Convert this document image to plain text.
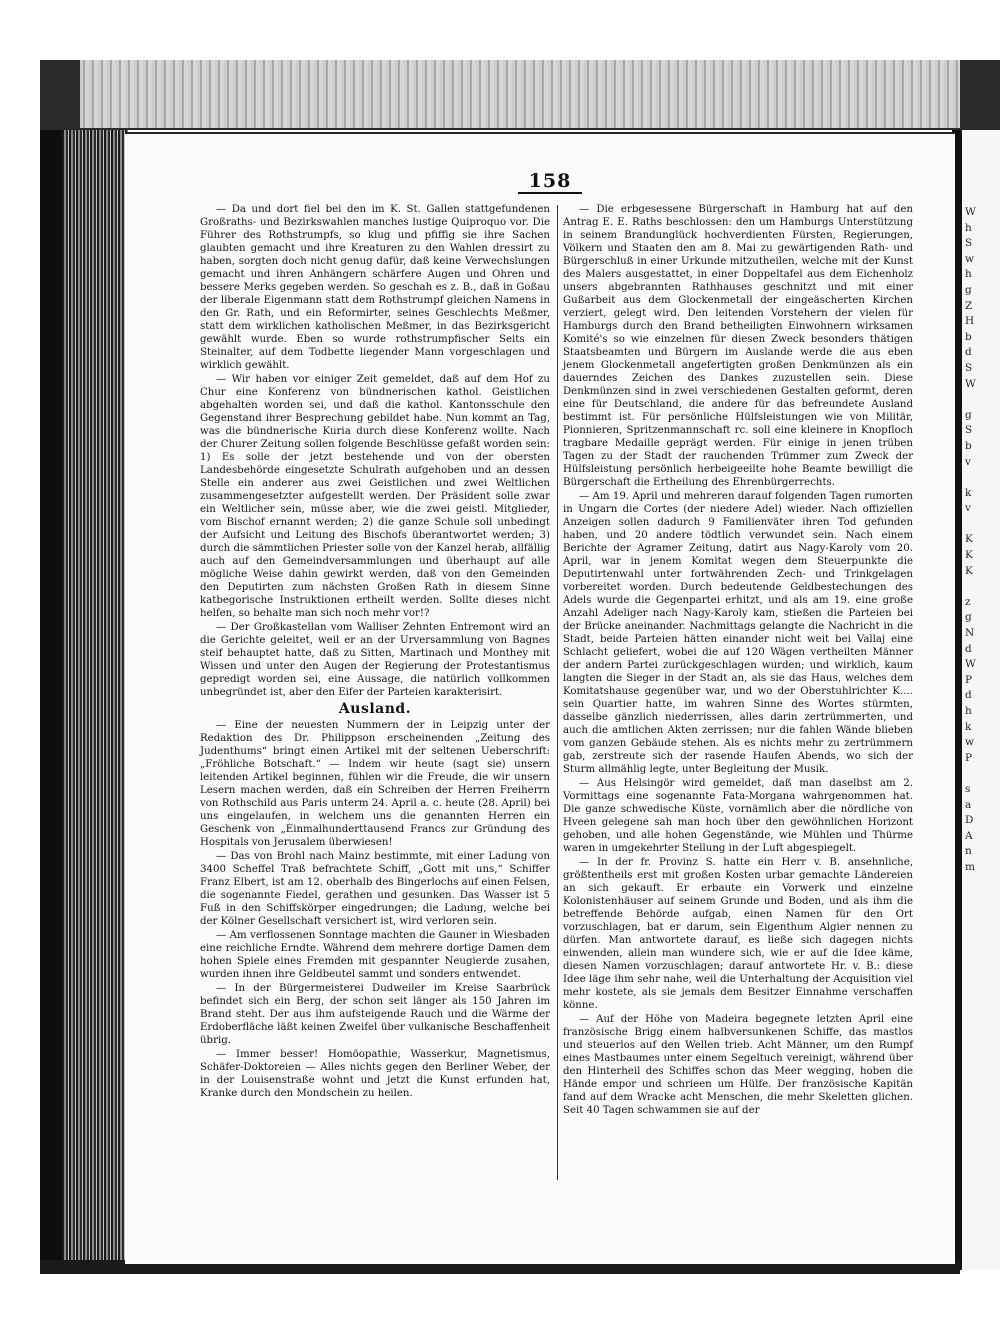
158

— Da und dort fiel bei den im K. St. Gallen stattgefundenen Großraths- und Bezirkswahlen manches lustige Quiproquo vor. Die Führer des Rothstrumpfs, so klug und pfiffig sie ihre Sachen glaubten gemacht und ihre Kreaturen zu den Wahlen dressirt zu haben, sorgten doch nicht genug dafür, daß keine Verwechslungen gemacht und ihren Anhängern schärfere Augen und Ohren und bessere Merks gegeben werden. So geschah es z. B., daß in Goßau der liberale Eigenmann statt dem Rothstrumpf gleichen Namens in den Gr. Rath, und ein Reformirter, seines Geschlechts Meßmer, statt dem wirklichen katholischen Meßmer, in das Bezirksgericht gewählt wurde. Eben so wurde rothstrumpfischer Seits ein Steinalter, auf dem Todbette liegender Mann vorgeschlagen und wirklich gewählt.

— Wir haben vor einiger Zeit gemeldet, daß auf dem Hof zu Chur eine Konferenz von bündnerischen kathol. Geistlichen abgehalten worden sei, und daß die kathol. Kantonsschule den Gegenstand ihrer Besprechung gebildet habe. Nun kommt an Tag, was die bündnerische Kuria durch diese Konferenz wollte. Nach der Churer Zeitung sollen folgende Beschlüsse gefaßt worden sein: 1) Es solle der jetzt bestehende und von der obersten Landesbehörde eingesetzte Schulrath aufgehoben und an dessen Stelle ein anderer aus zwei Geistlichen und zwei Weltlichen zusammengesetzter aufgestellt werden. Der Präsident solle zwar ein Weltlicher sein, müsse aber, wie die zwei geistl. Mitglieder, vom Bischof ernannt werden; 2) die ganze Schule soll unbedingt der Aufsicht und Leitung des Bischofs überantwortet werden; 3) durch die sämmtlichen Priester solle von der Kanzel herab, allfällig auch auf den Gemeindversammlungen und überhaupt auf alle mögliche Weise dahin gewirkt werden, daß von den Gemeinden den Deputirten zum nächsten Großen Rath in diesem Sinne katbegorische Instruktionen ertheilt werden. Sollte dieses nicht helfen, so behalte man sich noch mehr vor!?

— Der Großkastellan vom Walliser Zehnten Entremont wird an die Gerichte geleitet, weil er an der Urversammlung von Bagnes steif behauptet hatte, daß zu Sitten, Martinach und Monthey mit Wissen und unter den Augen der Regierung der Protestantismus gepredigt worden sei, eine Aussage, die natürlich vollkommen unbegründet ist, aber den Eifer der Parteien karakterisirt.

Ausland.

— Eine der neuesten Nummern der in Leipzig unter der Redaktion des Dr. Philippson erscheinenden „Zeitung des Judenthums“ bringt einen Artikel mit der seltenen Ueberschrift: „Fröhliche Botschaft.“ — Indem wir heute (sagt sie) unsern leitenden Artikel beginnen, fühlen wir die Freude, die wir unsern Lesern machen werden, daß ein Schreiben der Herren Freiherrn von Rothschild aus Paris unterm 24. April a. c. heute (28. April) bei uns eingelaufen, in welchem uns die genannten Herren ein Geschenk von „Einmalhunderttausend Francs zur Gründung des Hospitals von Jerusalem überwiesen!

— Das von Brohl nach Mainz bestimmte, mit einer Ladung von 3400 Scheffel Traß befrachtete Schiff, „Gott mit uns,“ Schiffer Franz Elbert, ist am 12. oberhalb des Bingerlochs auf einen Felsen, die sogenannte Fiedel, gerathen und gesunken. Das Wasser ist 5 Fuß in den Schiffskörper eingedrungen; die Ladung, welche bei der Kölner Gesellschaft versichert ist, wird verloren sein.

— Am verflossenen Sonntage machten die Gauner in Wiesbaden eine reichliche Erndte. Während dem mehrere dortige Damen dem hohen Spiele eines Fremden mit gespannter Neugierde zusahen, wurden ihnen ihre Geldbeutel sammt und sonders entwendet.

— In der Bürgermeisterei Dudweiler im Kreise Saarbrück befindet sich ein Berg, der schon seit länger als 150 Jahren im Brand steht. Der aus ihm aufsteigende Rauch und die Wärme der Erdoberfläche läßt keinen Zweifel über vulkanische Beschaffenheit übrig.

— Immer besser! Homöopathie, Wasserkur, Magnetismus, Schäfer-Doktoreien — Alles nichts gegen den Berliner Weber, der in der Louisenstraße wohnt und jetzt die Kunst erfunden hat, Kranke durch den Mondschein zu heilen.

— Die erbgesessene Bürgerschaft in Hamburg hat auf den Antrag E. E. Raths beschlossen: den um Hamburgs Unterstützung in seinem Brandunglück hochverdienten Fürsten, Regierungen, Völkern und Staaten den am 8. Mai zu gewärtigenden Rath- und Bürgerschluß in einer Urkunde mitzutheilen, welche mit der Kunst des Malers ausgestattet, in einer Doppeltafel aus dem Eichenholz unsers abgebrannten Rathhauses geschnitzt und mit einer Gußarbeit aus dem Glockenmetall der eingeäscherten Kirchen verziert, gelegt wird. Den leitenden Vorstehern der vielen für Hamburgs durch den Brand betheiligten Einwohnern wirksamen Komité's so wie einzelnen für diesen Zweck besonders thätigen Staatsbeamten und Bürgern im Auslande werde die aus eben jenem Glockenmetall angefertigten großen Denkmünzen als ein dauerndes Zeichen des Dankes zuzustellen sein. Diese Denkmünzen sind in zwei verschiedenen Gestalten geformt, deren eine für Deutschland, die andere für das befreundete Ausland bestimmt ist. Für persönliche Hülfsleistungen wie von Militär, Pionnieren, Spritzenmannschaft rc. soll eine kleinere in Knopfloch tragbare Medaille geprägt werden. Für einige in jenen trüben Tagen zu der Stadt der rauchenden Trümmer zum Zweck der Hülfsleistung persönlich herbeigeeilte hohe Beamte bewilligt die Bürgerschaft die Ertheilung des Ehrenbürgerrechts.

— Am 19. April und mehreren darauf folgenden Tagen rumorten in Ungarn die Cortes (der niedere Adel) wieder. Nach offiziellen Anzeigen sollen dadurch 9 Familienväter ihren Tod gefunden haben, und 20 andere tödtlich verwundet sein. Nach einem Berichte der Agramer Zeitung, datirt aus Nagy-Karoly vom 20. April, war in jenem Komitat wegen dem Steuerpunkte die Deputirtenwahl unter fortwährenden Zech- und Trinkgelagen vorbereitet worden. Durch bedeutende Geldbestechungen des Adels wurde die Gegenpartei erhitzt, und als am 19. eine große Anzahl Adeliger nach Nagy-Karoly kam, stießen die Parteien bei der Brücke aneinander. Nachmittags gelangte die Nachricht in die Stadt, beide Parteien hätten einander nicht weit bei Vallaj eine Schlacht geliefert, wobei die auf 120 Wägen vertheilten Männer der andern Partei zurückgeschlagen wurden; und wirklich, kaum langten die Sieger in der Stadt an, als sie das Haus, welches dem Komitatshause gegenüber war, und wo der Oberstuhlrichter K.... sein Quartier hatte, im wahren Sinne des Wortes stürmten, dasselbe gänzlich niederrissen, alles darin zertrümmerten, und auch die amtlichen Akten zerrissen; nur die fahlen Wände blieben vom ganzen Gebäude stehen. Als es nichts mehr zu zertrümmern gab, zerstreute sich der rasende Haufen Abends, wo sich der Sturm allmählig legte, unter Begleitung der Musik.

— Aus Helsingör wird gemeldet, daß man daselbst am 2. Vormittags eine sogenannte Fata-Morgana wahrgenommen hat. Die ganze schwedische Küste, vornämlich aber die nördliche von Hveen gelegene sah man hoch über den gewöhnlichen Horizont gehoben, und alle hohen Gegenstände, wie Mühlen und Thürme waren in umgekehrter Stellung in der Luft abgespiegelt.

— In der fr. Provinz S. hatte ein Herr v. B. ansehnliche, größtentheils erst mit großen Kosten urbar gemachte Ländereien an sich gekauft. Er erbaute ein Vorwerk und einzelne Kolonistenhäuser auf seinem Grunde und Boden, und als ihm die betreffende Behörde aufgab, einen Namen für den Ort vorzuschlagen, bat er darum, sein Eigenthum Algier nennen zu dürfen. Man antwortete darauf, es ließe sich dagegen nichts einwenden, allein man wundere sich, wie er auf die Idee käme, diesen Namen vorzuschlagen; darauf antwortete Hr. v. B.: diese Idee läge ihm sehr nahe, weil die Unterhaltung der Acquisition viel mehr kostete, als sie jemals dem Besitzer Einnahme verschaffen könne.

— Auf der Höhe von Madeira begegnete letzten April eine französische Brigg einem halbversunkenen Schiffe, das mastlos und steuerlos auf den Wellen trieb. Acht Männer, um den Rumpf eines Mastbaumes unter einem Segeltuch vereinigt, während über den Hinterheil des Schiffes schon das Meer wegging, hoben die Hände empor und schrieen um Hülfe. Der französische Kapitän fand auf dem Wracke acht Menschen, die mehr Skeletten glichen. Seit 40 Tagen schwammen sie auf der

W
h
S
w
h
g
Z
H
b
d
S
W
g
S
b
v
k
v
K
K
K
z
g
N
d
W
P
d
h
k
w
P
s
a
D
A
n
m
